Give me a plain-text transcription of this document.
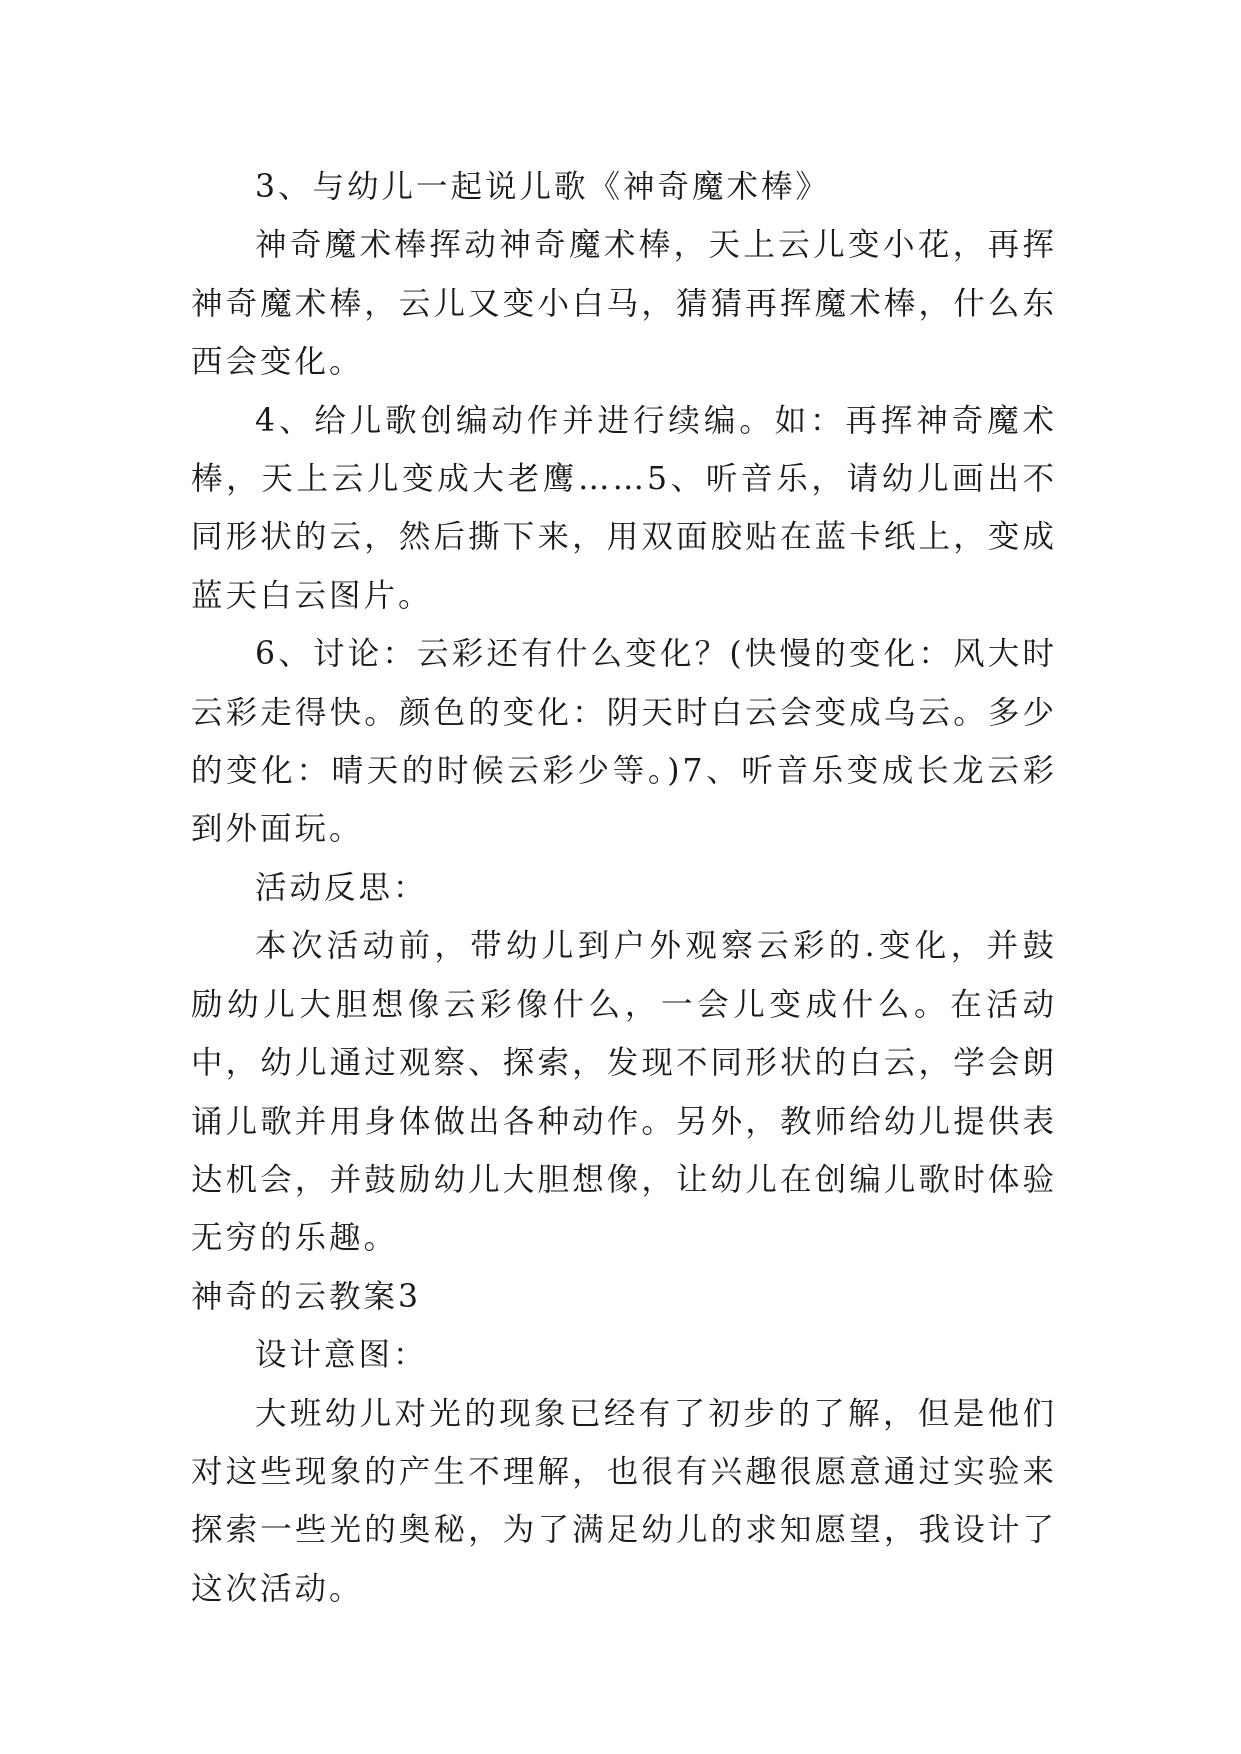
3、与幼儿一起说儿歌《神奇魔术棒》

神奇魔术棒挥动神奇魔术棒，天上云儿变小花，再挥神奇魔术棒，云儿又变小白马，猜猜再挥魔术棒，什么东西会变化。

4、给儿歌创编动作并进行续编。如：再挥神奇魔术棒，天上云儿变成大老鹰……5、听音乐，请幼儿画出不同形状的云，然后撕下来，用双面胶贴在蓝卡纸上，变成蓝天白云图片。

6、讨论：云彩还有什么变化？(快慢的变化：风大时云彩走得快。颜色的变化：阴天时白云会变成乌云。多少的变化：晴天的时候云彩少等。)7、听音乐变成长龙云彩到外面玩。

活动反思：

本次活动前，带幼儿到户外观察云彩的.变化，并鼓励幼儿大胆想像云彩像什么，一会儿变成什么。在活动中，幼儿通过观察、探索，发现不同形状的白云，学会朗诵儿歌并用身体做出各种动作。另外，教师给幼儿提供表达机会，并鼓励幼儿大胆想像，让幼儿在创编儿歌时体验无穷的乐趣。

神奇的云教案3

设计意图：

大班幼儿对光的现象已经有了初步的了解，但是他们对这些现象的产生不理解，也很有兴趣很愿意通过实验来探索一些光的奥秘，为了满足幼儿的求知愿望，我设计了这次活动。
